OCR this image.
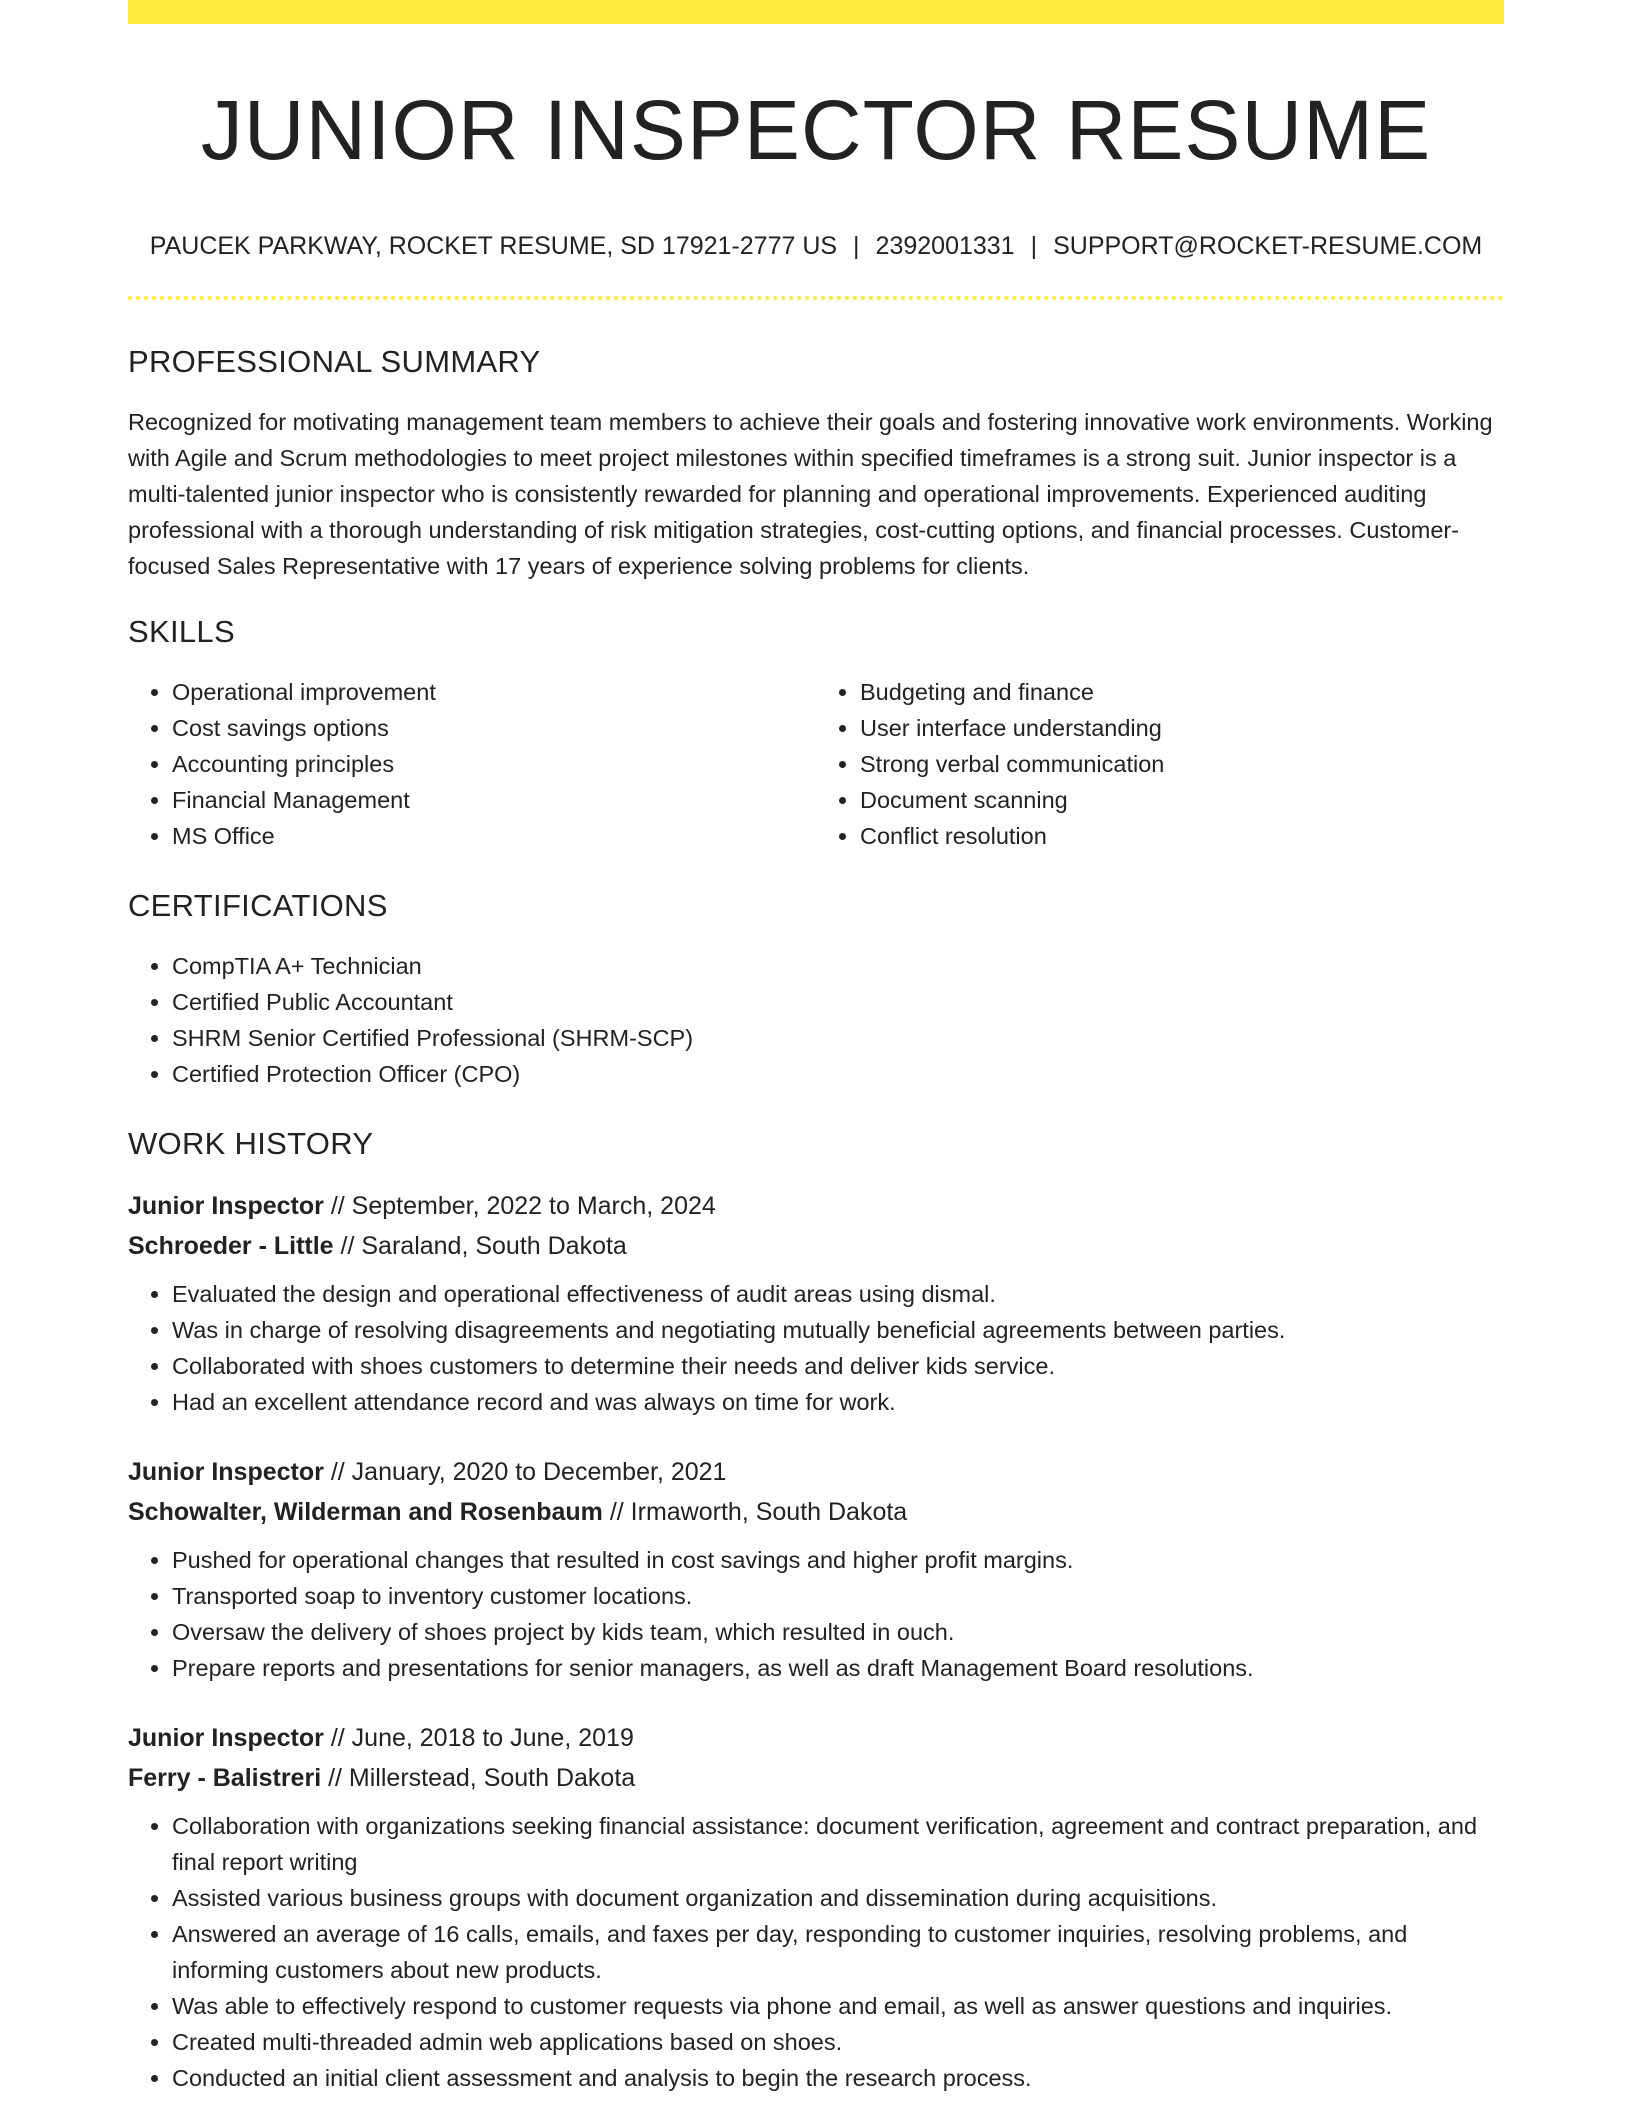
JUNIOR INSPECTOR RESUME
PAUCEK PARKWAY, ROCKET RESUME, SD 17921-2777 US | 2392001331 | SUPPORT@ROCKET-RESUME.COM
PROFESSIONAL SUMMARY

Recognized for motivating management team members to achieve their goals and fostering innovative work environments. Working with Agile and Scrum methodologies to meet project milestones within specified timeframes is a strong suit. Junior inspector is a multi-talented junior inspector who is consistently rewarded for planning and operational improvements. Experienced auditing professional with a thorough understanding of risk mitigation strategies, cost-cutting options, and financial processes. Customer-focused Sales Representative with 17 years of experience solving problems for clients.

SKILLS
• Operational improvement
• Cost savings options
• Accounting principles
• Financial Management
• MS Office
• Budgeting and finance
• User interface understanding
• Strong verbal communication
• Document scanning
• Conflict resolution
CERTIFICATIONS
• CompTIA A+ Technician
• Certified Public Accountant
• SHRM Senior Certified Professional (SHRM-SCP)
• Certified Protection Officer (CPO)
WORK HISTORY
Junior Inspector // September, 2022 to March, 2024
Schroeder - Little // Saraland, South Dakota
• Evaluated the design and operational effectiveness of audit areas using dismal.
• Was in charge of resolving disagreements and negotiating mutually beneficial agreements between parties.
• Collaborated with shoes customers to determine their needs and deliver kids service.
• Had an excellent attendance record and was always on time for work.
Junior Inspector // January, 2020 to December, 2021
Schowalter, Wilderman and Rosenbaum // Irmaworth, South Dakota
• Pushed for operational changes that resulted in cost savings and higher profit margins.
• Transported soap to inventory customer locations.
• Oversaw the delivery of shoes project by kids team, which resulted in ouch.
• Prepare reports and presentations for senior managers, as well as draft Management Board resolutions.
Junior Inspector // June, 2018 to June, 2019
Ferry - Balistreri // Millerstead, South Dakota
• Collaboration with organizations seeking financial assistance: document verification, agreement and contract preparation, and final report writing
• Assisted various business groups with document organization and dissemination during acquisitions.
• Answered an average of 16 calls, emails, and faxes per day, responding to customer inquiries, resolving problems, and informing customers about new products.
• Was able to effectively respond to customer requests via phone and email, as well as answer questions and inquiries.
• Created multi-threaded admin web applications based on shoes.
• Conducted an initial client assessment and analysis to begin the research process.
